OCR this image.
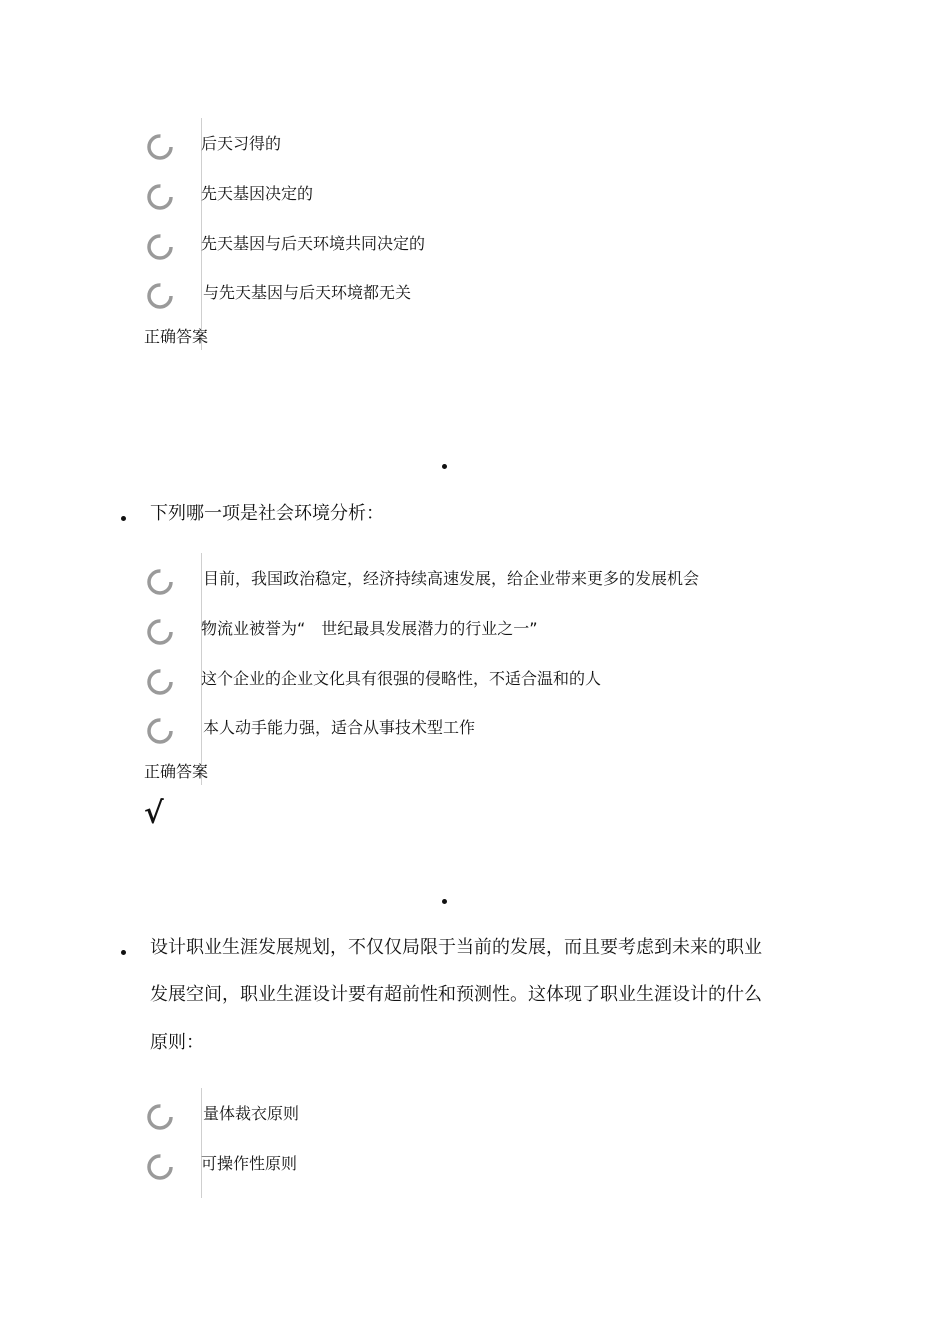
后天习得的
先天基因决定的
先天基因与后天环境共同决定的
与先天基因与后天环境都无关
正确答案
下列哪一项是社会环境分析：
目前，我国政治稳定，经济持续高速发展，给企业带来更多的发展机会
物流业被誉为“　世纪最具发展潜力的行业之一”
这个企业的企业文化具有很强的侵略性，不适合温和的人
本人动手能力强，适合从事技术型工作
正确答案
√
设计职业生涯发展规划，不仅仅局限于当前的发展，而且要考虑到未来的职业
发展空间，职业生涯设计要有超前性和预测性。这体现了职业生涯设计的什么
原则：
量体裁衣原则
可操作性原则
